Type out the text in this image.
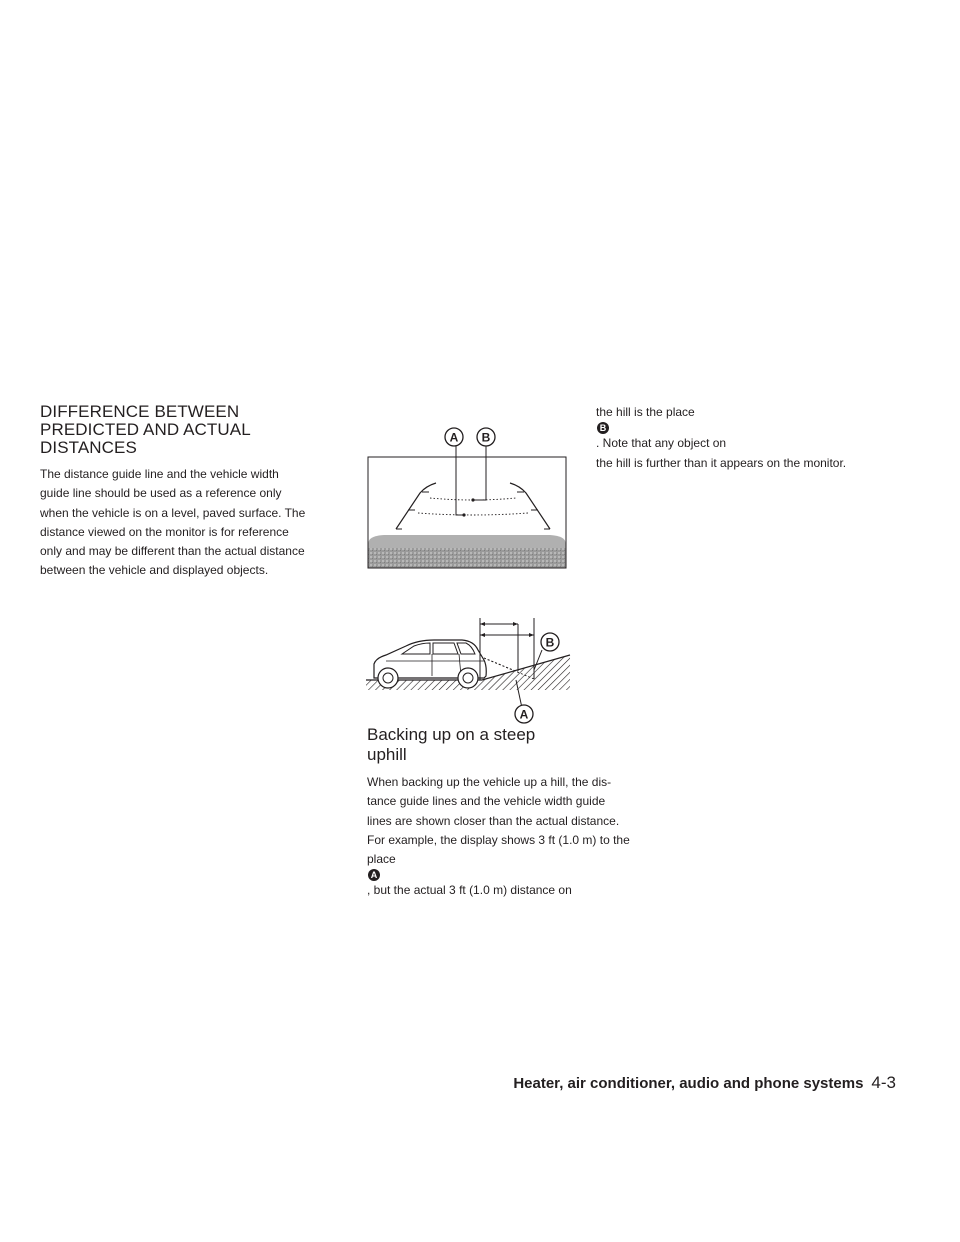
DIFFERENCE BETWEEN
PREDICTED AND ACTUAL
DISTANCES

The distance guide line and the vehicle width
guide line should be used as a reference only
when the vehicle is on a level, paved surface. The
distance viewed on the monitor is for reference
only and may be different than the actual distance
between the vehicle and displayed objects.

A B
A
B
Backing up on a steep uphill

When backing up the vehicle up a hill, the dis-
tance guide lines and the vehicle width guide
lines are shown closer than the actual distance.
For example, the display shows 3 ft (1.0 m) to the
place
A
, but the actual 3 ft (1.0 m) distance on

the hill is the place
B
. Note that any object on
the hill is further than it appears on the monitor.

Heater, air conditioner, audio and phone systems 4-3
